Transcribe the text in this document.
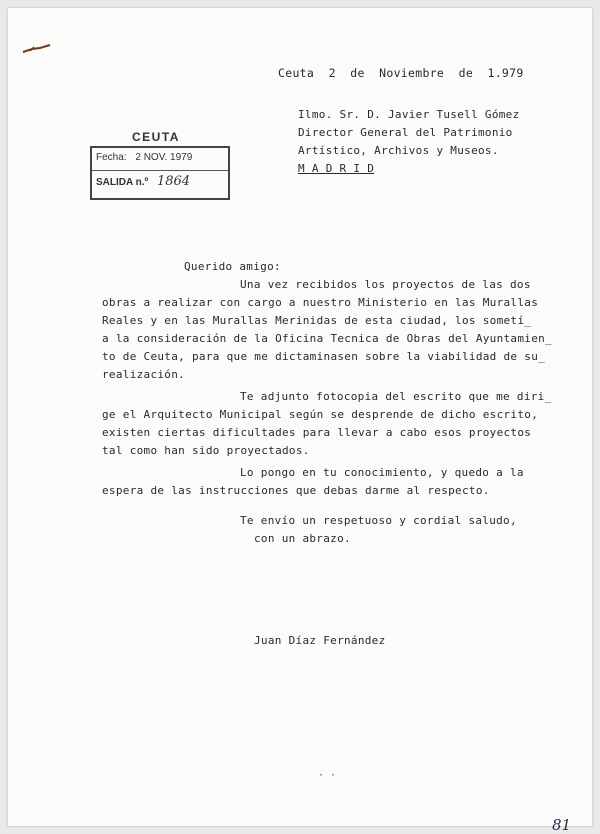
Ceuta  2  de  Noviembre  de  1.979
CEUTA
Fecha: 2 NOV. 1979
SALIDA n.º 1864
Ilmo. Sr. D. Javier Tusell Gómez
Director General del Patrimonio
Artístico, Archivos y Museos.
M A D R I D
Querido amigo:
Una vez recibidos los proyectos de las dos
obras a realizar con cargo a nuestro Ministerio en las Murallas
Reales y en las Murallas Merinidas de esta ciudad, los sometí_
a la consideración de la Oficina Tecnica de Obras del Ayuntamien_
to de Ceuta, para que me dictaminasen sobre la viabilidad de su_
realización.
Te adjunto fotocopia del escrito que me diri_
ge el Arquitecto Municipal según se desprende de dicho escrito,
existen ciertas dificultades para llevar a cabo esos proyectos
tal como han sido proyectados.
Lo pongo en tu conocimiento, y quedo a la
espera de las instrucciones que debas darme al respecto.
Te envío un respetuoso y cordial saludo,
con un abrazo.
Juan Díaz Fernández
· ·
81
